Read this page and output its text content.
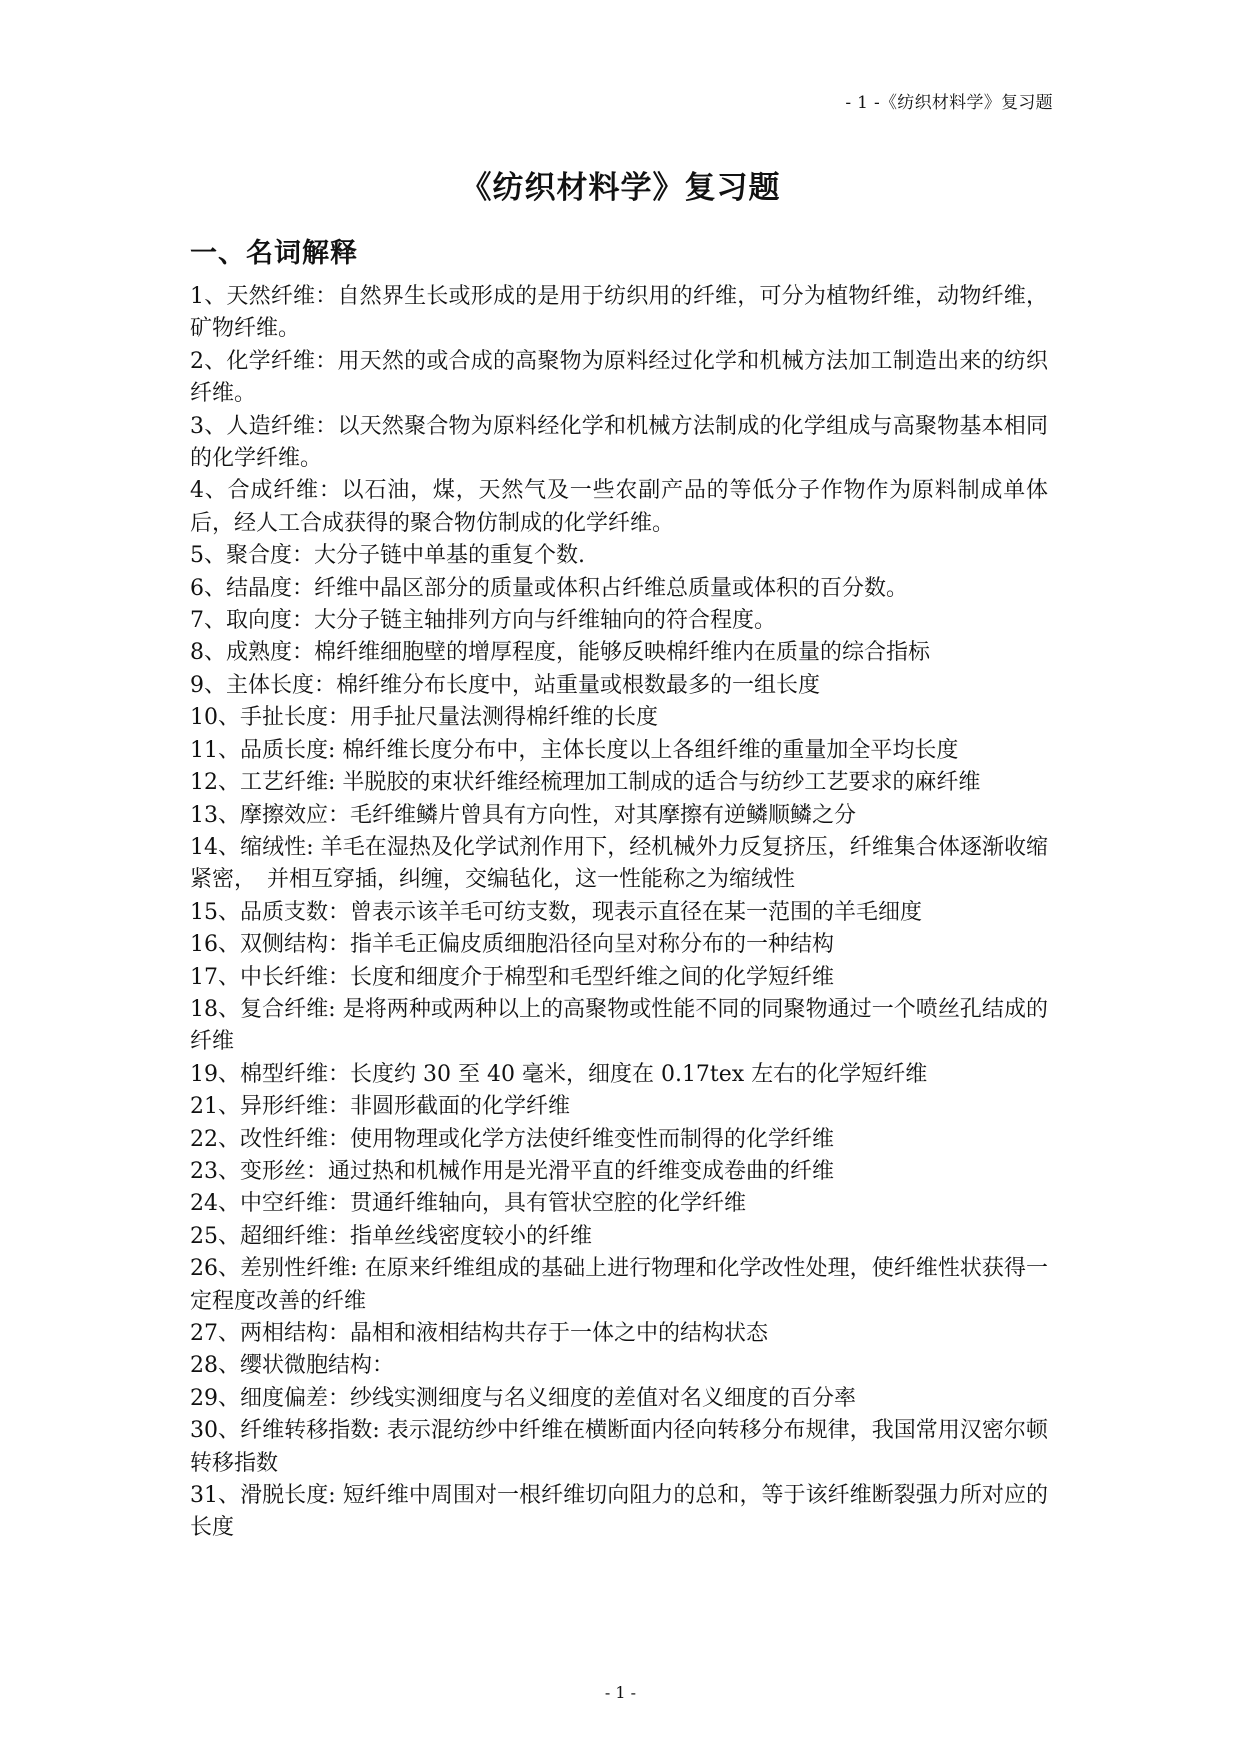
- 1 -《纺织材料学》复习题
《纺织材料学》复习题
一、名词解释

1、天然纤维：自然界生长或形成的是用于纺织用的纤维，可分为植物纤维，动物纤维，矿物纤维。

2、化学纤维：用天然的或合成的高聚物为原料经过化学和机械方法加工制造出来的纺织纤维。

3、人造纤维：以天然聚合物为原料经化学和机械方法制成的化学组成与高聚物基本相同的化学纤维。

4、合成纤维：以石油，煤，天然气及一些农副产品的等低分子作物作为原料制成单体后，经人工合成获得的聚合物仿制成的化学纤维。

5、聚合度：大分子链中单基的重复个数.

6、结晶度：纤维中晶区部分的质量或体积占纤维总质量或体积的百分数。

7、取向度：大分子链主轴排列方向与纤维轴向的符合程度。

8、成熟度：棉纤维细胞壁的增厚程度，能够反映棉纤维内在质量的综合指标

9、主体长度：棉纤维分布长度中，站重量或根数最多的一组长度

10、手扯长度：用手扯尺量法测得棉纤维的长度

11、品质长度: 棉纤维长度分布中，主体长度以上各组纤维的重量加全平均长度

12、工艺纤维: 半脱胶的束状纤维经梳理加工制成的适合与纺纱工艺要求的麻纤维

13、摩擦效应：毛纤维鳞片曾具有方向性，对其摩擦有逆鳞顺鳞之分

14、缩绒性: 羊毛在湿热及化学试剂作用下，经机械外力反复挤压，纤维集合体逐渐收缩紧密，　并相互穿插，纠缠，交编毡化，这一性能称之为缩绒性

15、品质支数：曾表示该羊毛可纺支数，现表示直径在某一范围的羊毛细度

16、双侧结构：指羊毛正偏皮质细胞沿径向呈对称分布的一种结构

17、中长纤维：长度和细度介于棉型和毛型纤维之间的化学短纤维

18、复合纤维: 是将两种或两种以上的高聚物或性能不同的同聚物通过一个喷丝孔结成的纤维

19、棉型纤维：长度约 30 至 40 毫米，细度在 0.17tex 左右的化学短纤维

21、异形纤维：非圆形截面的化学纤维

22、改性纤维：使用物理或化学方法使纤维变性而制得的化学纤维

23、变形丝：通过热和机械作用是光滑平直的纤维变成卷曲的纤维

24、中空纤维：贯通纤维轴向，具有管状空腔的化学纤维

25、超细纤维：指单丝线密度较小的纤维

26、差别性纤维: 在原来纤维组成的基础上进行物理和化学改性处理，使纤维性状获得一定程度改善的纤维

27、两相结构：晶相和液相结构共存于一体之中的结构状态

28、缨状微胞结构：

29、细度偏差：纱线实测细度与名义细度的差值对名义细度的百分率

30、纤维转移指数: 表示混纺纱中纤维在横断面内径向转移分布规律，我国常用汉密尔顿转移指数

31、滑脱长度: 短纤维中周围对一根纤维切向阻力的总和，等于该纤维断裂强力所对应的长度

- 1 -
